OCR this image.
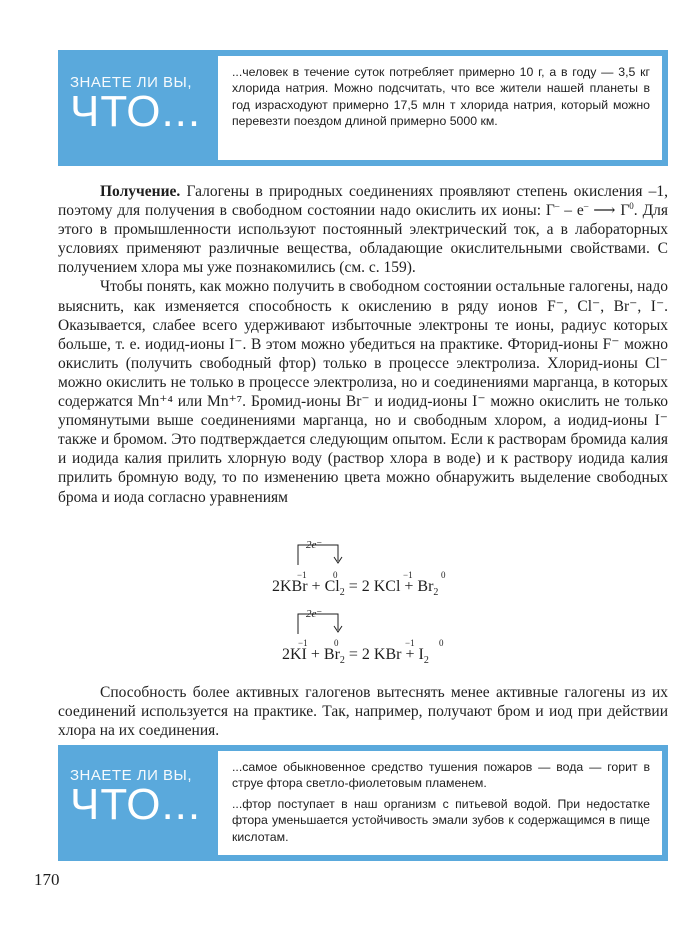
ЗНАЕТЕ ЛИ ВЫ,
ЧТО...

...человек в течение суток потребляет примерно 10 г, а в году — 3,5 кг хлорида натрия. Можно подсчитать, что все жители нашей планеты в год израсходуют примерно 17,5 млн т хлорида натрия, который можно перевезти поездом длиной примерно 5000 км.

Получение. Галогены в природных соединениях проявляют степень окисления –1, поэтому для получения в свободном состоянии надо окислить их ионы: Г– – e– ⟶ $Г^0$. Для этого в промышленности используют постоянный электрический ток, а в лабораторных условиях применяют различные вещества, обладающие окислительными свойствами. С получением хлора мы уже познакомились (см. с. 159).

Чтобы понять, как можно получить в свободном состоянии остальные галогены, надо выяснить, как изменяется способность к окислению в ряду ионов F⁻, Cl⁻, Br⁻, I⁻. Оказывается, слабее всего удерживают избыточные электроны те ионы, радиус которых больше, т. е. иодид-ионы I⁻. В этом можно убедиться на практике. Фторид-ионы F⁻ можно окислить (получить свободный фтор) только в процессе электролиза. Хлорид-ионы Cl⁻ можно окислить не только в процессе электролиза, но и соединениями марганца, в которых содержатся Mn⁺⁴ или Mn⁺⁷. Бромид-ионы Br⁻ и иодид-ионы I⁻ можно окислить не только упомянутыми выше соединениями марганца, но и свободным хлором, а иодид-ионы I⁻ также и бромом. Это подтверждается следующим опытом. Если к растворам бромида калия и иодида калия прилить хлорную воду (раствор хлора в воде) и к раствору иодида калия прилить бромную воду, то по изменению цвета можно обнаружить выделение свободных брома и иода согласно уравнениям

2e⁻
−1	0	−1	0
$2KBr + Cl_2 = 2$ KCl + $Br_2$
2e⁻
−1	0	−1	0
$2KI + Br_2 = 2$ KBr + $I_2$

Способность более активных галогенов вытеснять менее активные галогены из их соединений используется на практике. Так, например, получают бром и иод при действии хлора на их соединения.

ЗНАЕТЕ ЛИ ВЫ,
ЧТО...

...самое обыкновенное средство тушения пожаров — вода — горит в струе фтора светло-фиолетовым пламенем.

...фтор поступает в наш организм с питьевой водой. При недостатке фтора уменьшается устойчивость эмали зубов к содержащимся в пище кислотам.

170
